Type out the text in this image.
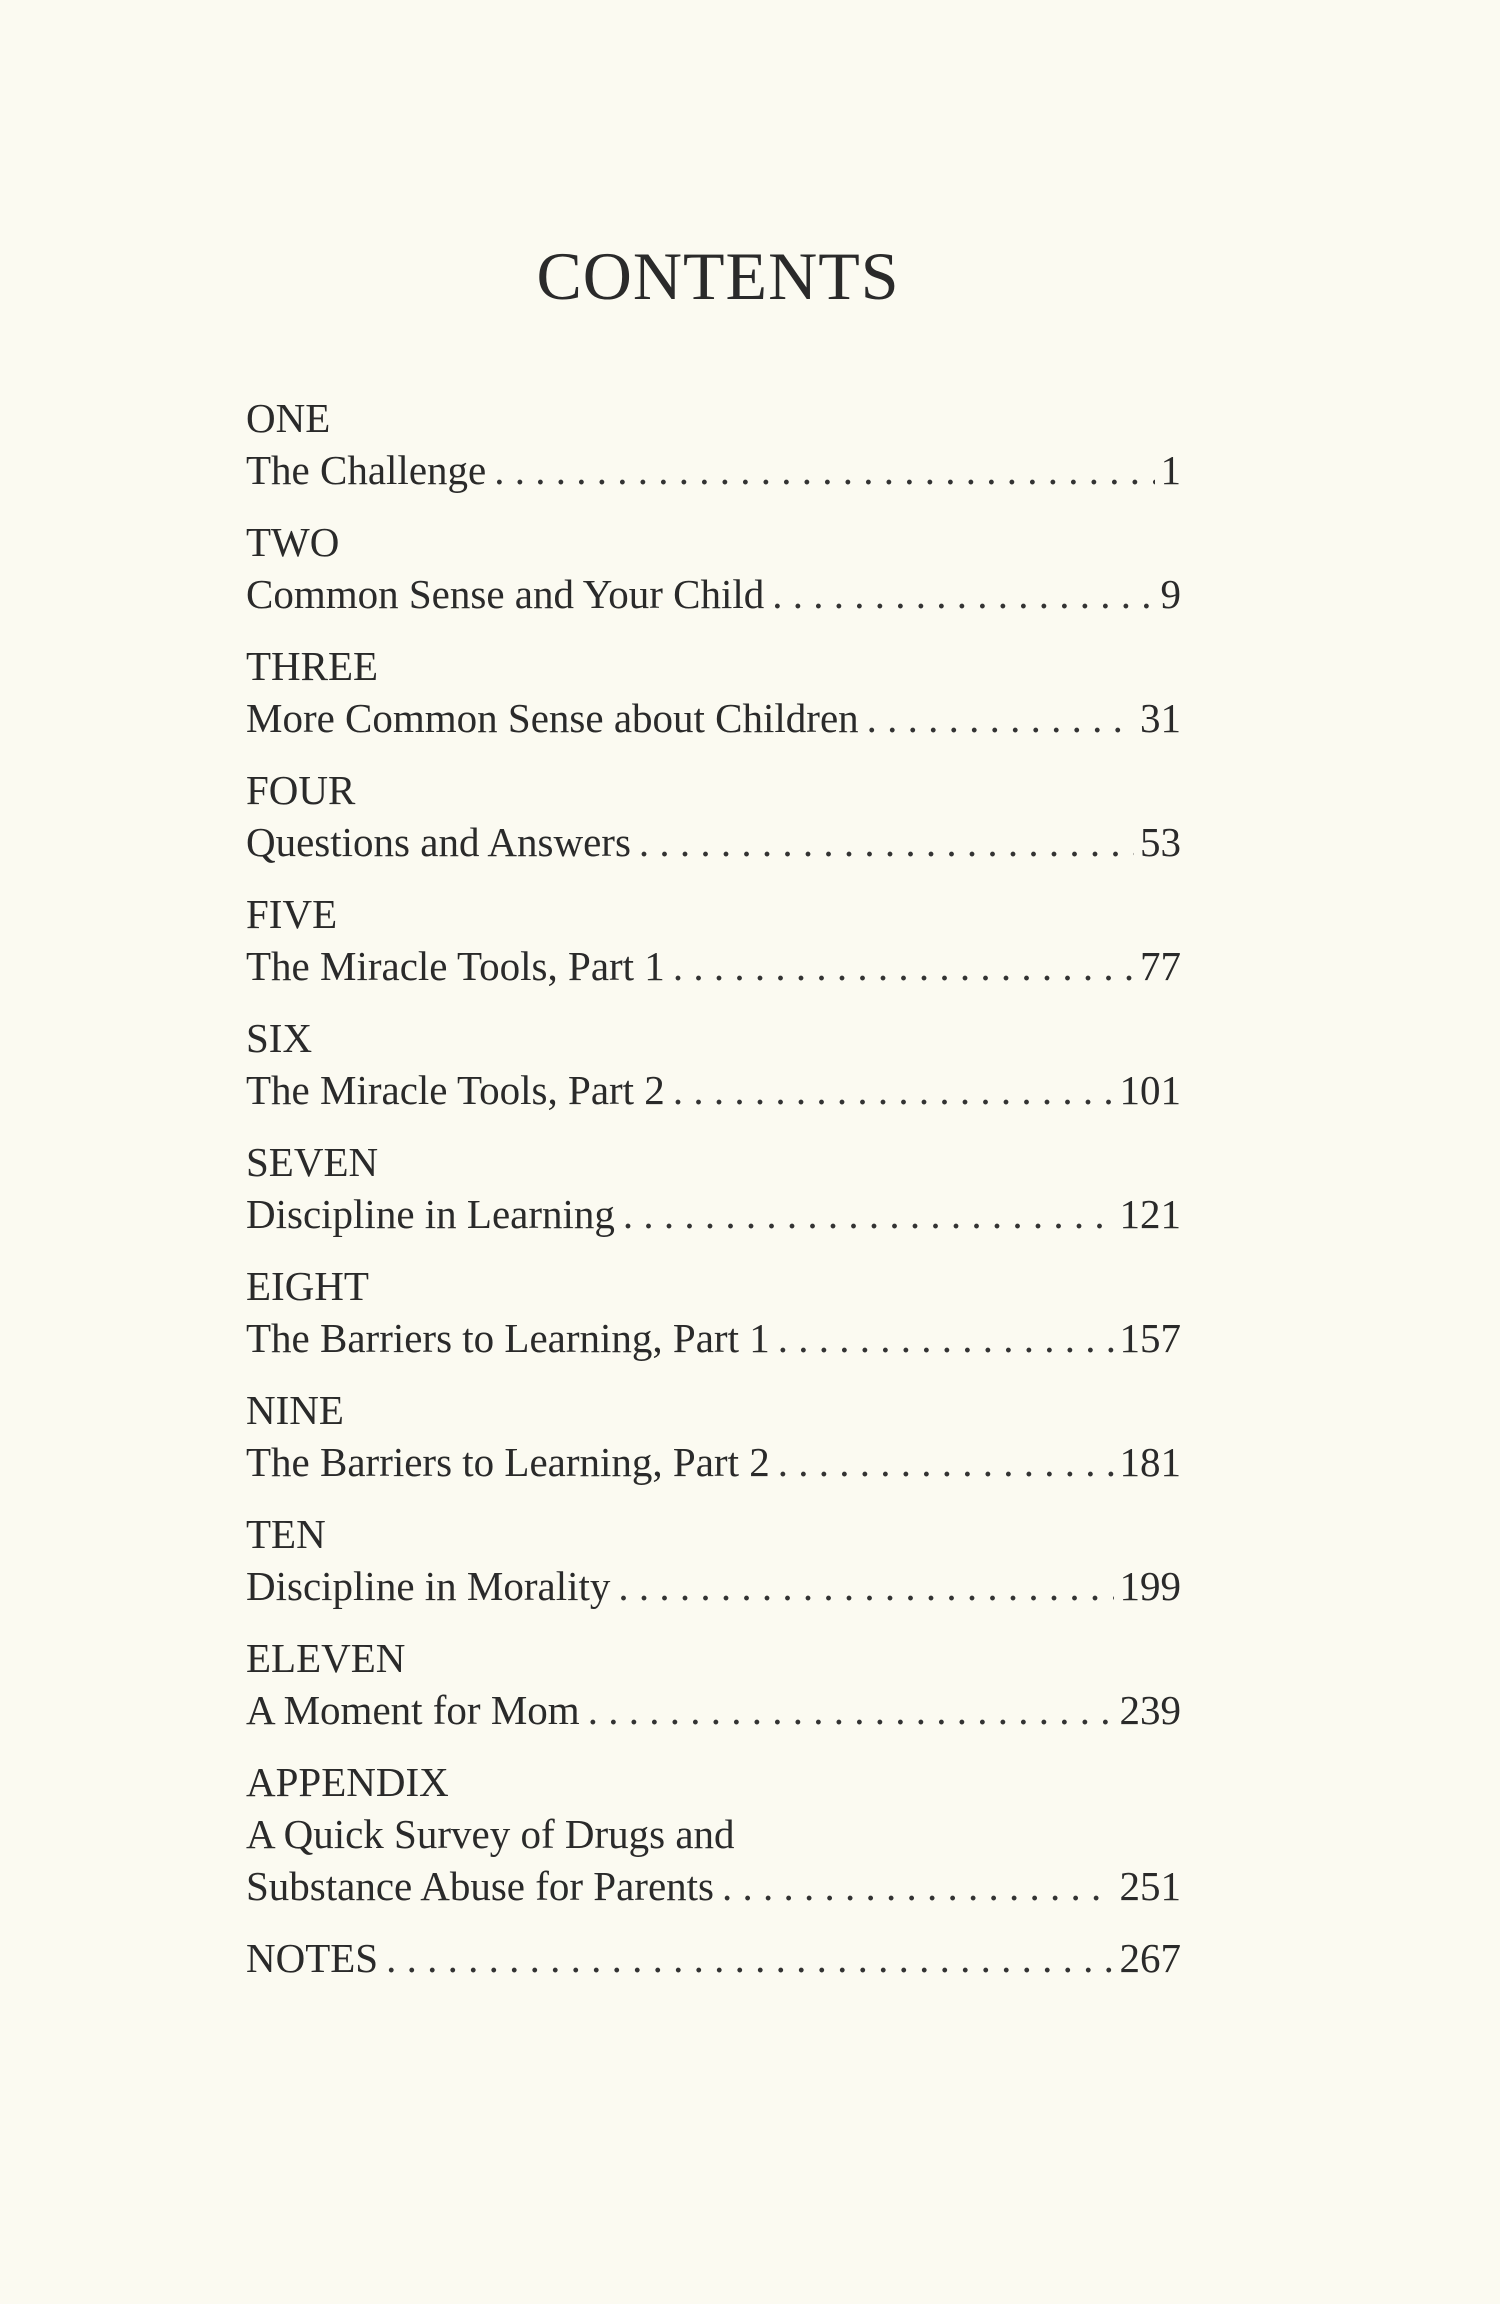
CONTENTS
ONE
The Challenge . . .	1
TWO
Common Sense and Your Child . . .	9
THREE
More Common Sense about Children . . .	31
FOUR
Questions and Answers . . .	53
FIVE
The Miracle Tools, Part 1 . . .	77
SIX
The Miracle Tools, Part 2 . . .	101
SEVEN
Discipline in Learning . . .	121
EIGHT
The Barriers to Learning, Part 1 . . .	157
NINE
The Barriers to Learning, Part 2 . . .	181
TEN
Discipline in Morality . . .	199
ELEVEN
A Moment for Mom . . .	239
APPENDIX
A Quick Survey of Drugs and
Substance Abuse for Parents . . .	251
NOTES . . .	267
